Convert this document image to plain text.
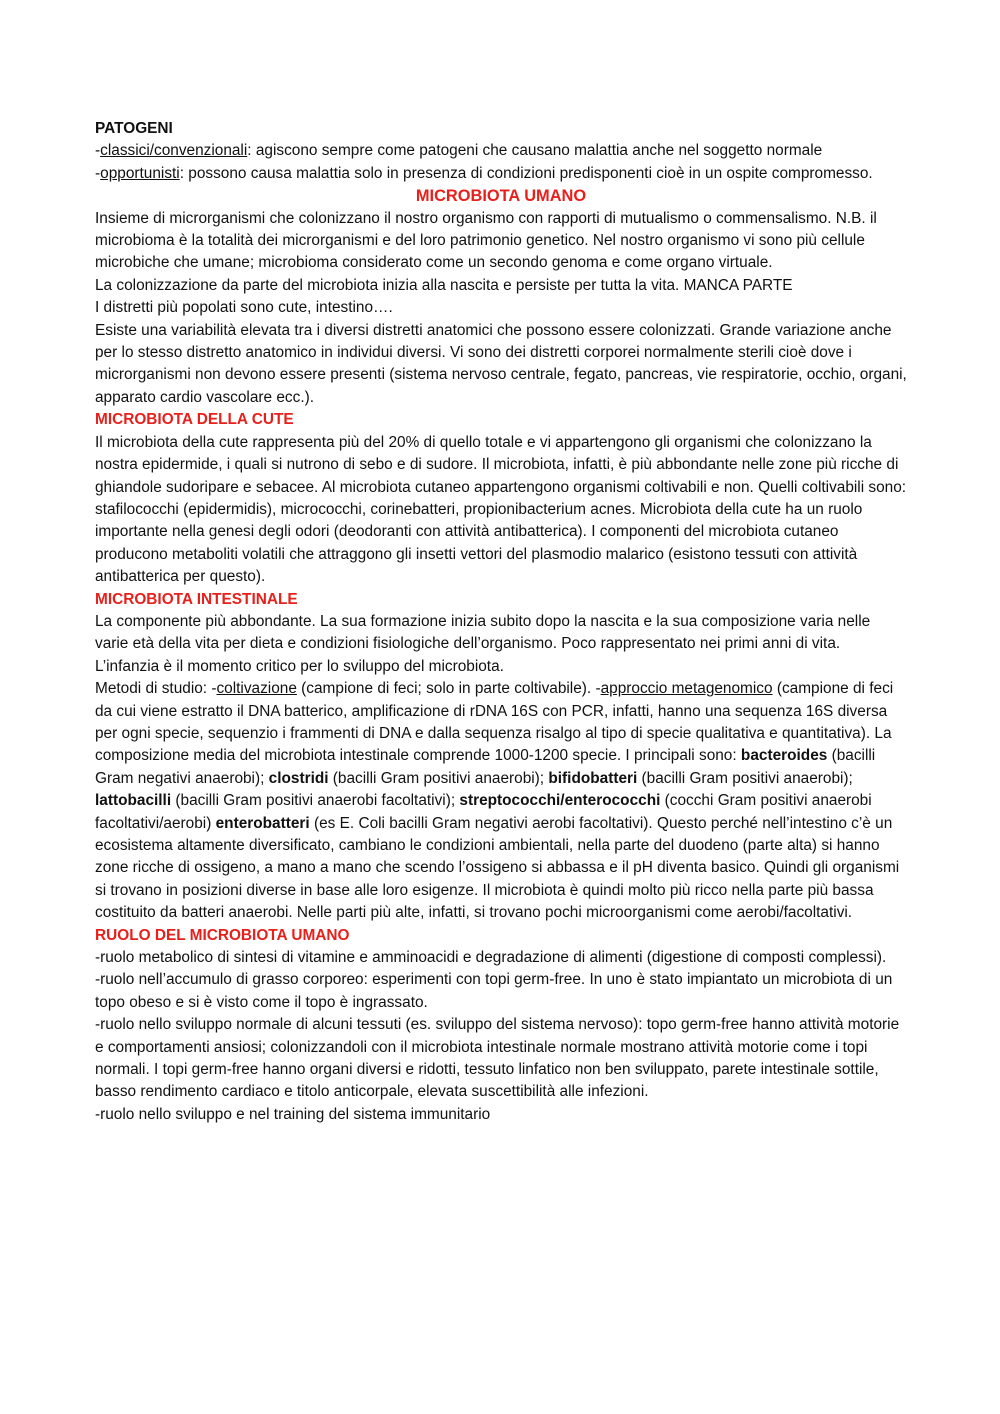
PATOGENI

-classici/convenzionali: agiscono sempre come patogeni che causano malattia anche nel soggetto normale

-opportunisti: possono causa malattia solo in presenza di condizioni predisponenti cioè in un ospite compromesso.

MICROBIOTA UMANO

Insieme di microrganismi che colonizzano il nostro organismo con rapporti di mutualismo o commensalismo. N.B. il microbioma è la totalità dei microrganismi e del loro patrimonio genetico. Nel nostro organismo vi sono più cellule microbiche che umane; microbioma considerato come un secondo genoma e come organo virtuale.

La colonizzazione da parte del microbiota inizia alla nascita e persiste per tutta la vita. MANCA PARTE

I distretti più popolati sono cute, intestino….

Esiste una variabilità elevata tra i diversi distretti anatomici che possono essere colonizzati. Grande variazione anche per lo stesso distretto anatomico in individui diversi. Vi sono dei distretti corporei normalmente sterili cioè dove i microrganismi non devono essere presenti (sistema nervoso centrale, fegato, pancreas, vie respiratorie, occhio, organi, apparato cardio vascolare ecc.).

MICROBIOTA DELLA CUTE

Il microbiota della cute rappresenta più del 20% di quello totale e vi appartengono gli organismi che colonizzano la nostra epidermide, i quali si nutrono di sebo e di sudore. Il microbiota, infatti, è più abbondante nelle zone più ricche di ghiandole sudoripare e sebacee. Al microbiota cutaneo appartengono organismi coltivabili e non. Quelli coltivabili sono: stafilococchi (epidermidis), micrococchi, corinebatteri, propionibacterium acnes. Microbiota della cute ha un ruolo importante nella genesi degli odori (deodoranti con attività antibatterica). I componenti del microbiota cutaneo producono metaboliti volatili che attraggono gli insetti vettori del plasmodio malarico (esistono tessuti con attività antibatterica per questo).

MICROBIOTA INTESTINALE

La componente più abbondante. La sua formazione inizia subito dopo la nascita e la sua composizione varia nelle varie età della vita per dieta e condizioni fisiologiche dell’organismo. Poco rappresentato nei primi anni di vita. L’infanzia è il momento critico per lo sviluppo del microbiota.

Metodi di studio: -coltivazione (campione di feci; solo in parte coltivabile). -approccio metagenomico (campione di feci da cui viene estratto il DNA batterico, amplificazione di rDNA 16S con PCR, infatti, hanno una sequenza 16S diversa per ogni specie, sequenzio i frammenti di DNA e dalla sequenza risalgo al tipo di specie qualitativa e quantitativa). La composizione media del microbiota intestinale comprende 1000-1200 specie. I principali sono: bacteroides (bacilli Gram negativi anaerobi); clostridi (bacilli Gram positivi anaerobi); bifidobatteri (bacilli Gram positivi anaerobi); lattobacilli (bacilli Gram positivi anaerobi facoltativi); streptococchi/enterococchi (cocchi Gram positivi anaerobi facoltativi/aerobi) enterobatteri (es E. Coli bacilli Gram negativi aerobi facoltativi). Questo perché nell’intestino c’è un ecosistema altamente diversificato, cambiano le condizioni ambientali, nella parte del duodeno (parte alta) si hanno zone ricche di ossigeno, a mano a mano che scendo l’ossigeno si abbassa e il pH diventa basico. Quindi gli organismi si trovano in posizioni diverse in base alle loro esigenze. Il microbiota è quindi molto più ricco nella parte più bassa costituito da batteri anaerobi. Nelle parti più alte, infatti, si trovano pochi microorganismi come aerobi/facoltativi.

RUOLO DEL MICROBIOTA UMANO

-ruolo metabolico di sintesi di vitamine e amminoacidi e degradazione di alimenti (digestione di composti complessi).

-ruolo nell’accumulo di grasso corporeo: esperimenti con topi germ-free. In uno è stato impiantato un microbiota di un topo obeso e si è visto come il topo è ingrassato.

-ruolo nello sviluppo normale di alcuni tessuti (es. sviluppo del sistema nervoso): topo germ-free hanno attività motorie e comportamenti ansiosi; colonizzandoli con il microbiota intestinale normale mostrano attività motorie come i topi normali. I topi germ-free hanno organi diversi e ridotti, tessuto linfatico non ben sviluppato, parete intestinale sottile, basso rendimento cardiaco e titolo anticorpale, elevata suscettibilità alle infezioni.

-ruolo nello sviluppo e nel training del sistema immunitario
